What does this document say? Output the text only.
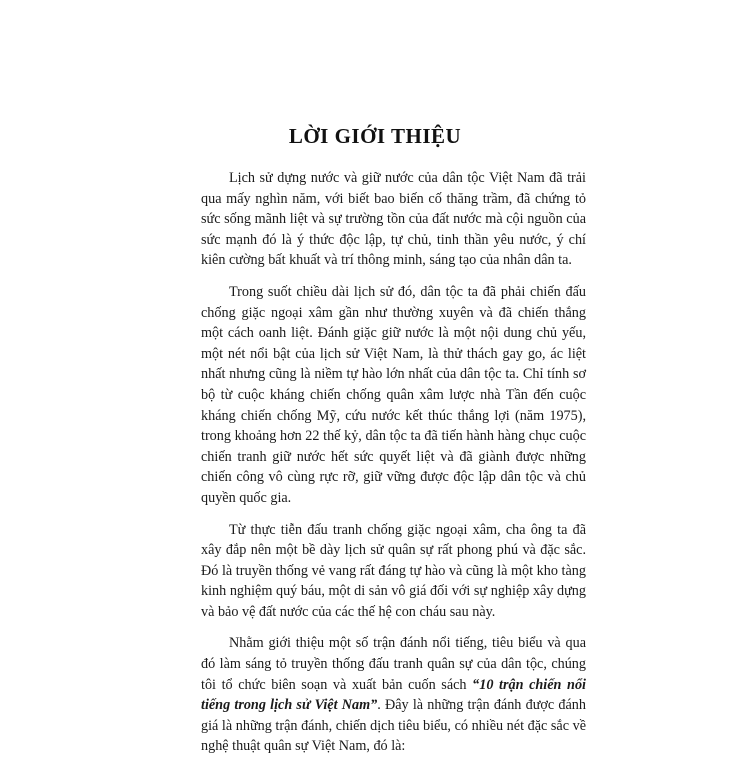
LỜI GIỚI THIỆU

Lịch sử dựng nước và giữ nước của dân tộc Việt Nam đã trải qua mấy nghìn năm, với biết bao biến cố thăng trầm, đã chứng tỏ sức sống mãnh liệt và sự trường tồn của đất nước mà cội nguồn của sức mạnh đó là ý thức độc lập, tự chủ, tinh thần yêu nước, ý chí kiên cường bất khuất và trí thông minh, sáng tạo của nhân dân ta.

Trong suốt chiều dài lịch sử đó, dân tộc ta đã phải chiến đấu chống giặc ngoại xâm gần như thường xuyên và đã chiến thắng một cách oanh liệt. Đánh giặc giữ nước là một nội dung chủ yếu, một nét nổi bật của lịch sử Việt Nam, là thử thách gay go, ác liệt nhất nhưng cũng là niềm tự hào lớn nhất của dân tộc ta. Chỉ tính sơ bộ từ cuộc kháng chiến chống quân xâm lược nhà Tần đến cuộc kháng chiến chống Mỹ, cứu nước kết thúc thắng lợi (năm 1975), trong khoảng hơn 22 thế kỷ, dân tộc ta đã tiến hành hàng chục cuộc chiến tranh giữ nước hết sức quyết liệt và đã giành được những chiến công vô cùng rực rỡ, giữ vững được độc lập dân tộc và chủ quyền quốc gia.

Từ thực tiễn đấu tranh chống giặc ngoại xâm, cha ông ta đã xây đắp nên một bề dày lịch sử quân sự rất phong phú và đặc sắc. Đó là truyền thống vẻ vang rất đáng tự hào và cũng là một kho tàng kinh nghiệm quý báu, một di sản vô giá đối với sự nghiệp xây dựng và bảo vệ đất nước của các thế hệ con cháu sau này.

Nhằm giới thiệu một số trận đánh nổi tiếng, tiêu biểu và qua đó làm sáng tỏ truyền thống đấu tranh quân sự của dân tộc, chúng tôi tổ chức biên soạn và xuất bản cuốn sách “10 trận chiến nổi tiếng trong lịch sử Việt Nam”. Đây là những trận đánh được đánh giá là những trận đánh, chiến dịch tiêu biểu, có nhiều nét đặc sắc về nghệ thuật quân sự Việt Nam, đó là:
